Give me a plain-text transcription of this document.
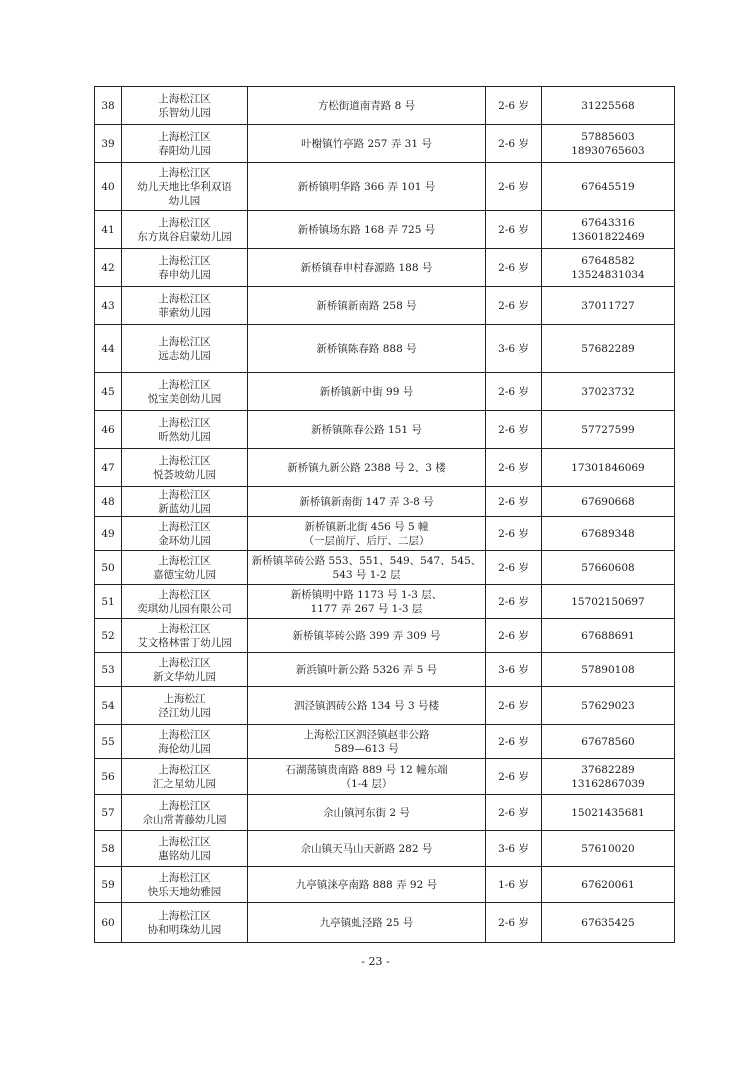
38	上海松江区
乐智幼儿园	方松街道南青路 8 号	2-6 岁	31225568

39	上海松江区
春阳幼儿园	叶榭镇竹亭路 257 弄 31 号	2-6 岁	57885603
18930765603

40	上海松江区
幼儿天地比华利双语
幼儿园	新桥镇明华路 366 弄 101 号	2-6 岁	67645519

41	上海松江区
东方岚谷启蒙幼儿园	新桥镇场东路 168 弄 725 号	2-6 岁	67643316
13601822469

42	上海松江区
春申幼儿园	新桥镇春申村春源路 188 号	2-6 岁	67648582
13524831034

43	上海松江区
菲索幼儿园	新桥镇新南路 258 号	2-6 岁	37011727

44	上海松江区
远志幼儿园	新桥镇陈春路 888 号	3-6 岁	57682289

45	上海松江区
悦宝美创幼儿园	新桥镇新中街 99 号	2-6 岁	37023732

46	上海松江区
昕然幼儿园	新桥镇陈春公路 151 号	2-6 岁	57727599

47	上海松江区
悦荟坡幼儿园	新桥镇九新公路 2388 号 2、3 楼	2-6 岁	17301846069

48	上海松江区
新蓝幼儿园	新桥镇新南街 147 弄 3-8 号	2-6 岁	67690668

49	上海松江区
金环幼儿园	新桥镇新北街 456 号 5 幢
（一层前厅、后厅、二层）	2-6 岁	67689348

50	上海松江区
嘉德宝幼儿园	新桥镇莘砖公路 553、551、549、547、545、
543 号 1-2 层	2-6 岁	57660608

51	上海松江区
奕琪幼儿园有限公司	新桥镇明中路 1173 号 1-3 层、
1177 弄 267 号 1-3 层	2-6 岁	15702150697

52	上海松江区
艾文格林雷丁幼儿园	新桥镇莘砖公路 399 弄 309 号	2-6 岁	67688691

53	上海松江区
新文华幼儿园	新浜镇叶新公路 5326 弄 5 号	3-6 岁	57890108

54	上海松江
泾江幼儿园	泗泾镇泗砖公路 134 号 3 号楼	2-6 岁	57629023

55	上海松江区
海伦幼儿园	上海松江区泗泾镇赵非公路
589—613 号	2-6 岁	67678560

56	上海松江区
汇之星幼儿园	石湖荡镇贵南路 889 号 12 幢东端
（1-4 层）	2-6 岁	37682289
13162867039

57	上海松江区
佘山常菁藤幼儿园	佘山镇河东街 2 号	2-6 岁	15021435681

58	上海松江区
惠铭幼儿园	佘山镇天马山天新路 282 号	3-6 岁	57610020

59	上海松江区
快乐天地幼雅园	九亭镇涞亭南路 888 弄 92 号	1-6 岁	67620061

60	上海松江区
协和明珠幼儿园	九亭镇虬泾路 25 号	2-6 岁	67635425
- 23 -
